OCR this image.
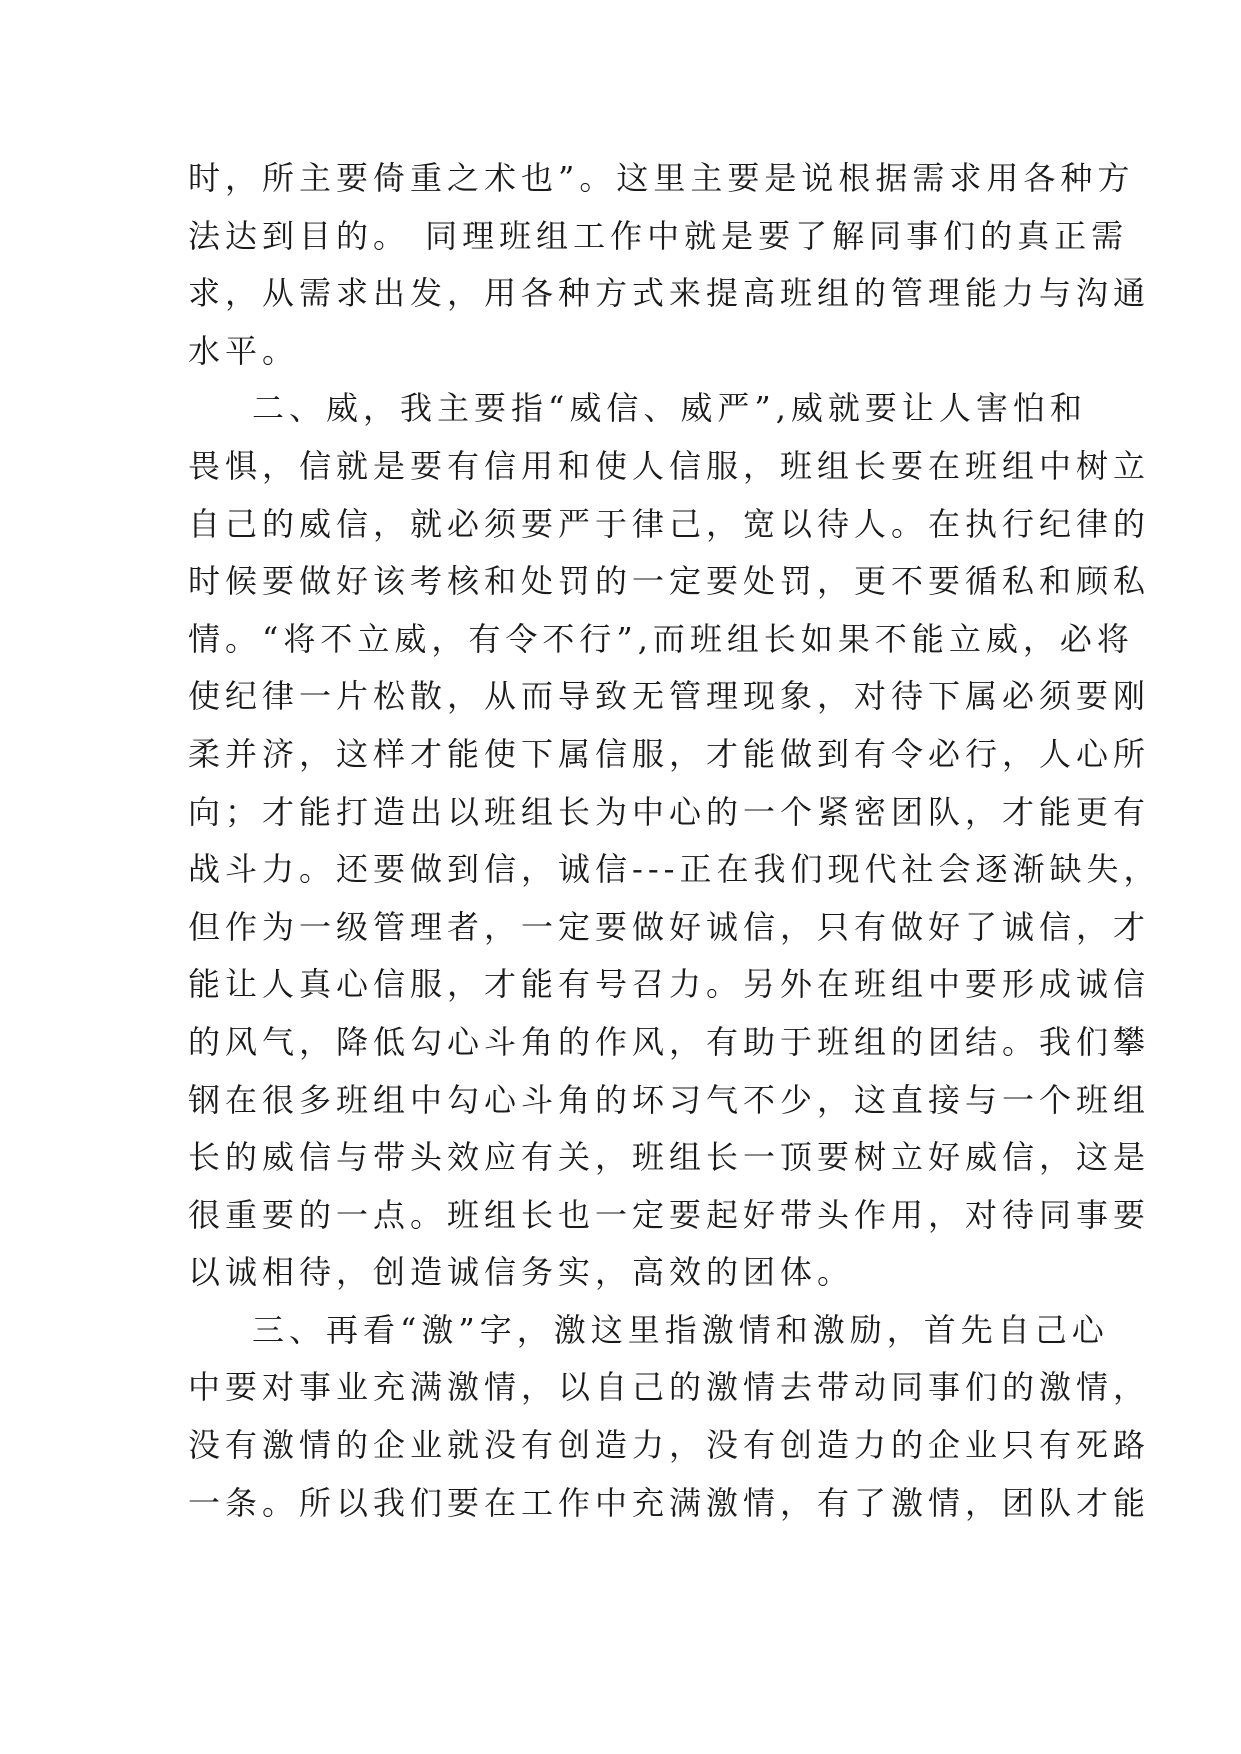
时，所主要倚重之术也”。这里主要是说根据需求用各种方
法达到目的。 同理班组工作中就是要了解同事们的真正需
求，从需求出发，用各种方式来提高班组的管理能力与沟通
水平。
二、威，我主要指“威信、威严”,威就要让人害怕和
畏惧，信就是要有信用和使人信服，班组长要在班组中树立
自己的威信，就必须要严于律己，宽以待人。在执行纪律的
时候要做好该考核和处罚的一定要处罚，更不要循私和顾私
情。“将不立威，有令不行”,而班组长如果不能立威，必将
使纪律一片松散，从而导致无管理现象，对待下属必须要刚
柔并济，这样才能使下属信服，才能做到有令必行，人心所
向；才能打造出以班组长为中心的一个紧密团队，才能更有
战斗力。还要做到信，诚信---正在我们现代社会逐渐缺失，
但作为一级管理者，一定要做好诚信，只有做好了诚信，才
能让人真心信服，才能有号召力。另外在班组中要形成诚信
的风气，降低勾心斗角的作风，有助于班组的团结。我们攀
钢在很多班组中勾心斗角的坏习气不少，这直接与一个班组
长的威信与带头效应有关，班组长一顶要树立好威信，这是
很重要的一点。班组长也一定要起好带头作用，对待同事要
以诚相待，创造诚信务实，高效的团体。
三、再看“激”字，激这里指激情和激励，首先自己心
中要对事业充满激情，以自己的激情去带动同事们的激情，
没有激情的企业就没有创造力，没有创造力的企业只有死路
一条。所以我们要在工作中充满激情，有了激情，团队才能
